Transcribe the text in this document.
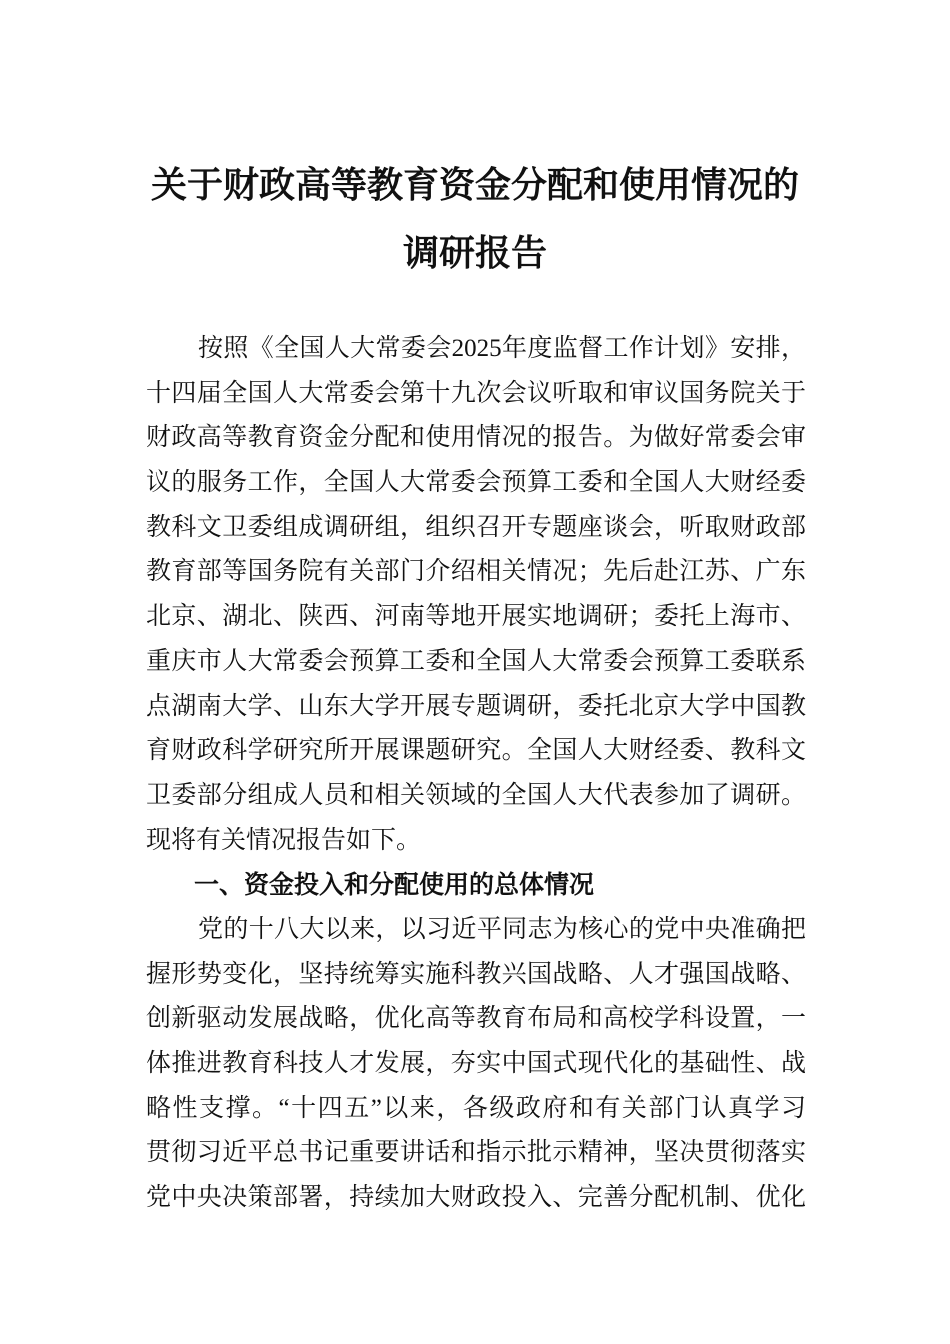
关于财政高等教育资金分配和使用情况的
调研报告
按照《全国人大常委会2025年度监督工作计划》安排，
十四届全国人大常委会第十九次会议听取和审议国务院关于
财政高等教育资金分配和使用情况的报告。为做好常委会审
议的服务工作，全国人大常委会预算工委和全国人大财经委
教科文卫委组成调研组，组织召开专题座谈会，听取财政部
教育部等国务院有关部门介绍相关情况；先后赴江苏、广东
北京、湖北、陕西、河南等地开展实地调研；委托上海市、
重庆市人大常委会预算工委和全国人大常委会预算工委联系
点湖南大学、山东大学开展专题调研，委托北京大学中国教
育财政科学研究所开展课题研究。全国人大财经委、教科文
卫委部分组成人员和相关领域的全国人大代表参加了调研。
现将有关情况报告如下。
一、资金投入和分配使用的总体情况
党的十八大以来，以习近平同志为核心的党中央准确把
握形势变化，坚持统筹实施科教兴国战略、人才强国战略、
创新驱动发展战略，优化高等教育布局和高校学科设置，一
体推进教育科技人才发展，夯实中国式现代化的基础性、战
略性支撑。“十四五”以来，各级政府和有关部门认真学习
贯彻习近平总书记重要讲话和指示批示精神，坚决贯彻落实
党中央决策部署，持续加大财政投入、完善分配机制、优化
